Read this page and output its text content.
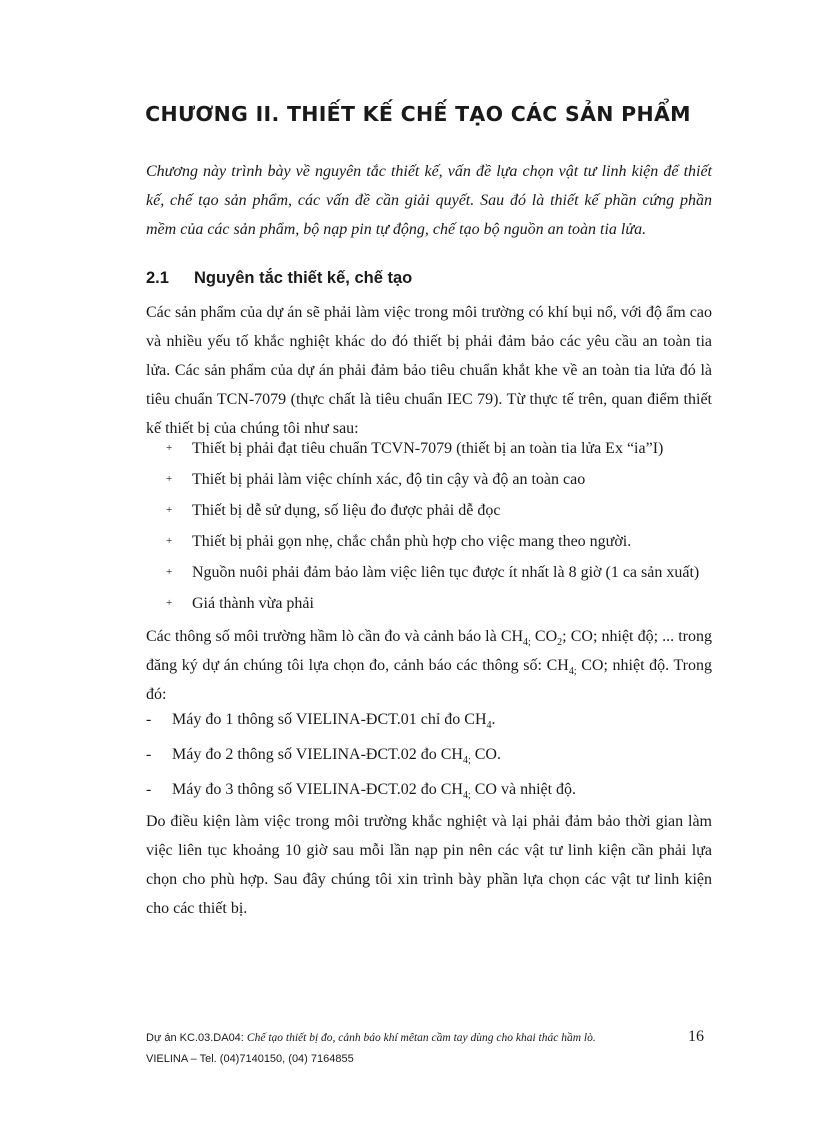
CHƯƠNG II. THIẾT KẾ CHẾ TẠO CÁC SẢN PHẨM

Chương này trình bày về nguyên tắc thiết kế, vấn đề lựa chọn vật tư linh kiện để thiết kế, chế tạo sản phẩm, các vấn đề cần giải quyết. Sau đó là thiết kế phần cứng phần mềm của các sản phẩm, bộ nạp pin tự động, chế tạo bộ nguồn an toàn tia lửa.

2.1 Nguyên tắc thiết kế, chế tạo

Các sản phẩm của dự án sẽ phải làm việc trong môi trường có khí bụi nổ, với độ ẩm cao và nhiều yếu tố khắc nghiệt khác do đó thiết bị phải đảm bảo các yêu cầu an toàn tia lửa. Các sản phẩm của dự án phải đảm bảo tiêu chuẩn khắt khe về an toàn tia lửa đó là tiêu chuẩn TCN-7079 (thực chất là tiêu chuẩn IEC 79). Từ thực tế trên, quan điểm thiết kế thiết bị của chúng tôi như sau:

+ Thiết bị phải đạt tiêu chuẩn TCVN-7079 (thiết bị an toàn tia lửa Ex “ia”I)
+ Thiết bị phải làm việc chính xác, độ tin cậy và độ an toàn cao
+ Thiết bị dễ sử dụng, số liệu đo được phải dễ đọc
+ Thiết bị phải gọn nhẹ, chắc chắn phù hợp cho việc mang theo người.
+ Nguồn nuôi phải đảm bảo làm việc liên tục được ít nhất là 8 giờ (1 ca sản xuất)
+ Giá thành vừa phải

Các thông số môi trường hầm lò cần đo và cảnh báo là $CH_{4;}$ $CO_2$; CO; nhiệt độ; ... trong đăng ký dự án chúng tôi lựa chọn đo, cảnh báo các thông số: $CH_{4;}$ CO; nhiệt độ. Trong đó:

- Máy đo 1 thông số VIELINA-ĐCT.01 chỉ đo $CH_4$.
- Máy đo 2 thông số VIELINA-ĐCT.02 đo $CH_{4;}$ CO.
- Máy đo 3 thông số VIELINA-ĐCT.02 đo $CH_{4;}$ CO và nhiệt độ.

Do điều kiện làm việc trong môi trường khắc nghiệt và lại phải đảm bảo thời gian làm việc liên tục khoảng 10 giờ sau mỗi lần nạp pin nên các vật tư linh kiện cần phải lựa chọn cho phù hợp. Sau đây chúng tôi xin trình bày phần lựa chọn các vật tư linh kiện cho các thiết bị.

Dự án KC.03.DA04: Chế tạo thiết bị đo, cảnh báo khí mêtan cầm tay dùng cho khai thác hầm lò.
VIELINA – Tel. (04)7140150, (04) 7164855
16
